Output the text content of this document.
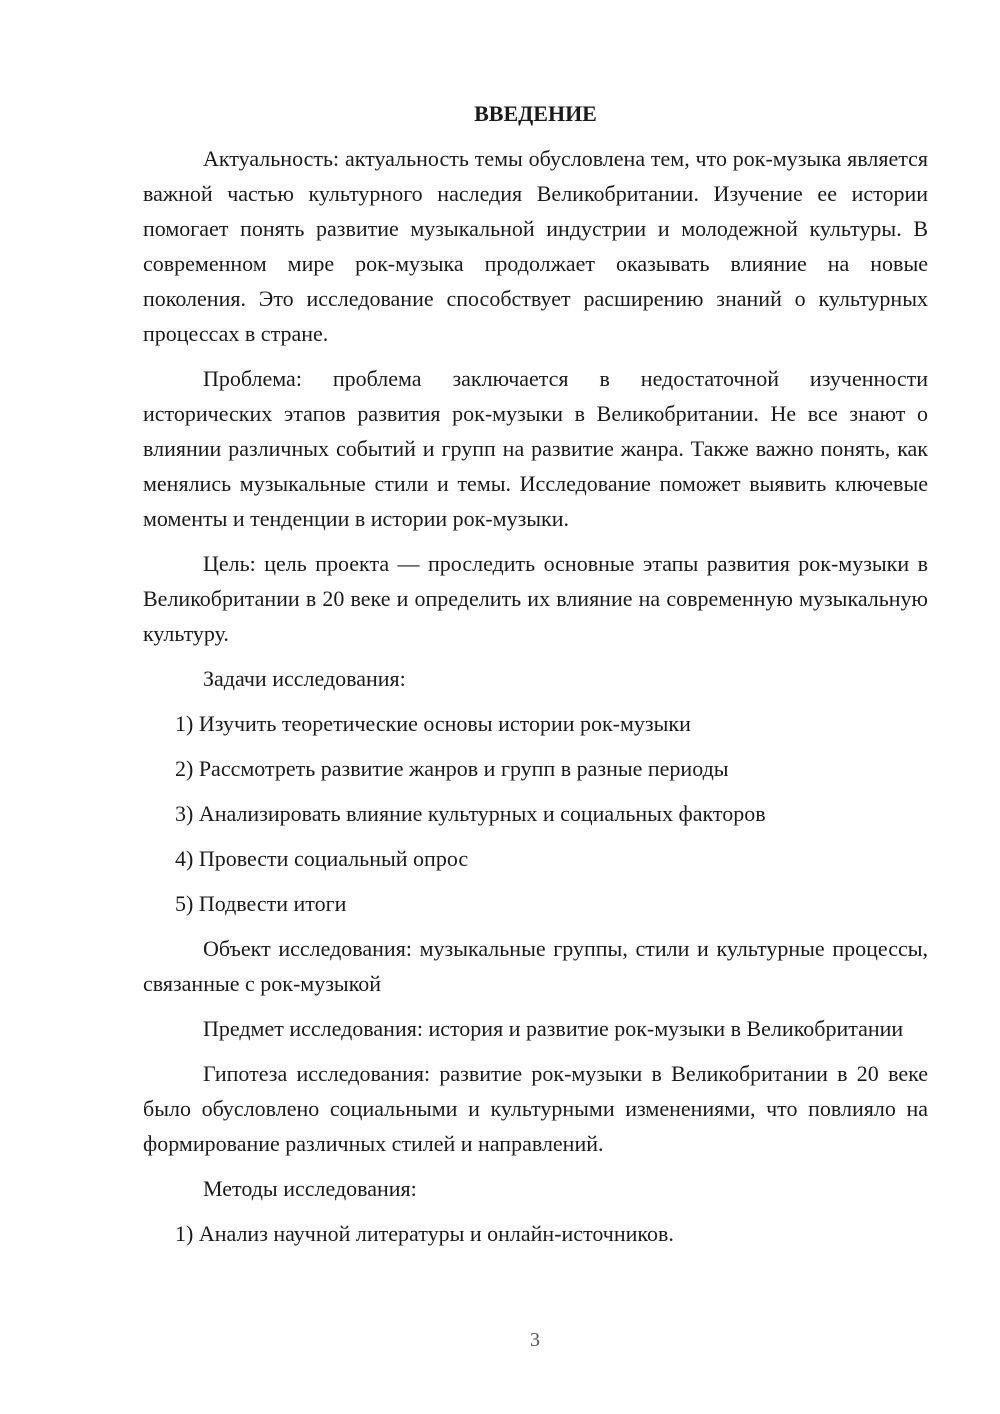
ВВЕДЕНИЕ

Актуальность: актуальность темы обусловлена тем, что рок-музыка является важной частью культурного наследия Великобритании. Изучение ее истории помогает понять развитие музыкальной индустрии и молодежной культуры. В современном мире рок-музыка продолжает оказывать влияние на новые поколения. Это исследование способствует расширению знаний о культурных процессах в стране.

Проблема: проблема заключается в недостаточной изученности исторических этапов развития рок-музыки в Великобритании. Не все знают о влиянии различных событий и групп на развитие жанра. Также важно понять, как менялись музыкальные стили и темы. Исследование поможет выявить ключевые моменты и тенденции в истории рок-музыки.

Цель: цель проекта — проследить основные этапы развития рок-музыки в Великобритании в 20 веке и определить их влияние на современную музыкальную культуру.

Задачи исследования:

1) Изучить теоретические основы истории рок-музыки
2) Рассмотреть развитие жанров и групп в разные периоды
3) Анализировать влияние культурных и социальных факторов
4) Провести социальный опрос
5) Подвести итоги

Объект исследования: музыкальные группы, стили и культурные процессы, связанные с рок-музыкой

Предмет исследования: история и развитие рок-музыки в Великобритании

Гипотеза исследования: развитие рок-музыки в Великобритании в 20 веке было обусловлено социальными и культурными изменениями, что повлияло на формирование различных стилей и направлений.

Методы исследования:

1) Анализ научной литературы и онлайн-источников.
3
